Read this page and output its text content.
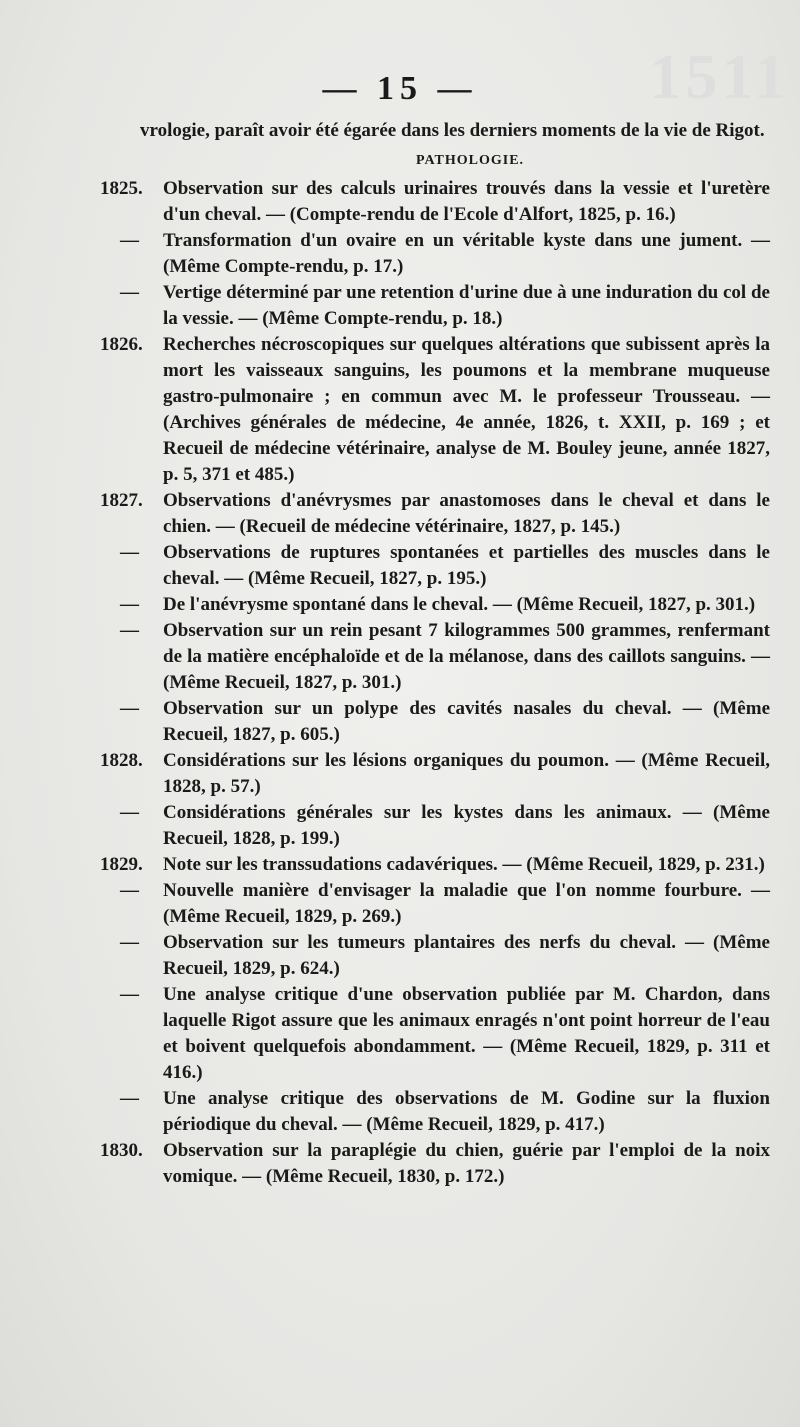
1511
— 15 —

vrologie, paraît avoir été égarée dans les derniers moments de la vie de Rigot.

PATHOLOGIE.
1825.	Observation sur des calculs urinaires trouvés dans la vessie et l'uretère d'un cheval. — (Compte-rendu de l'Ecole d'Alfort, 1825, p. 16.)
—	Transformation d'un ovaire en un véritable kyste dans une jument. — (Même Compte-rendu, p. 17.)
—	Vertige déterminé par une retention d'urine due à une induration du col de la vessie. — (Même Compte-rendu, p. 18.)
1826.	Recherches nécroscopiques sur quelques altérations que subissent après la mort les vaisseaux sanguins, les poumons et la membrane muqueuse gastro-pulmonaire ; en commun avec M. le professeur Trousseau. — (Archives générales de médecine, 4e année, 1826, t. XXII, p. 169 ; et Recueil de médecine vétérinaire, analyse de M. Bouley jeune, année 1827, p. 5, 371 et 485.)
1827.	Observations d'anévrysmes par anastomoses dans le cheval et dans le chien. — (Recueil de médecine vétérinaire, 1827, p. 145.)
—	Observations de ruptures spontanées et partielles des muscles dans le cheval. — (Même Recueil, 1827, p. 195.)
—	De l'anévrysme spontané dans le cheval. — (Même Recueil, 1827, p. 301.)
—	Observation sur un rein pesant 7 kilogrammes 500 grammes, renfermant de la matière encéphaloïde et de la mélanose, dans des caillots sanguins. — (Même Recueil, 1827, p. 301.)
—	Observation sur un polype des cavités nasales du cheval. — (Même Recueil, 1827, p. 605.)
1828.	Considérations sur les lésions organiques du poumon. — (Même Recueil, 1828, p. 57.)
—	Considérations générales sur les kystes dans les animaux. — (Même Recueil, 1828, p. 199.)
1829.	Note sur les transsudations cadavériques. — (Même Recueil, 1829, p. 231.)
—	Nouvelle manière d'envisager la maladie que l'on nomme fourbure. — (Même Recueil, 1829, p. 269.)
—	Observation sur les tumeurs plantaires des nerfs du cheval. — (Même Recueil, 1829, p. 624.)
—	Une analyse critique d'une observation publiée par M. Chardon, dans laquelle Rigot assure que les animaux enragés n'ont point horreur de l'eau et boivent quelquefois abondamment. — (Même Recueil, 1829, p. 311 et 416.)
—	Une analyse critique des observations de M. Godine sur la fluxion périodique du cheval. — (Même Recueil, 1829, p. 417.)
1830.	Observation sur la paraplégie du chien, guérie par l'emploi de la noix vomique. — (Même Recueil, 1830, p. 172.)
